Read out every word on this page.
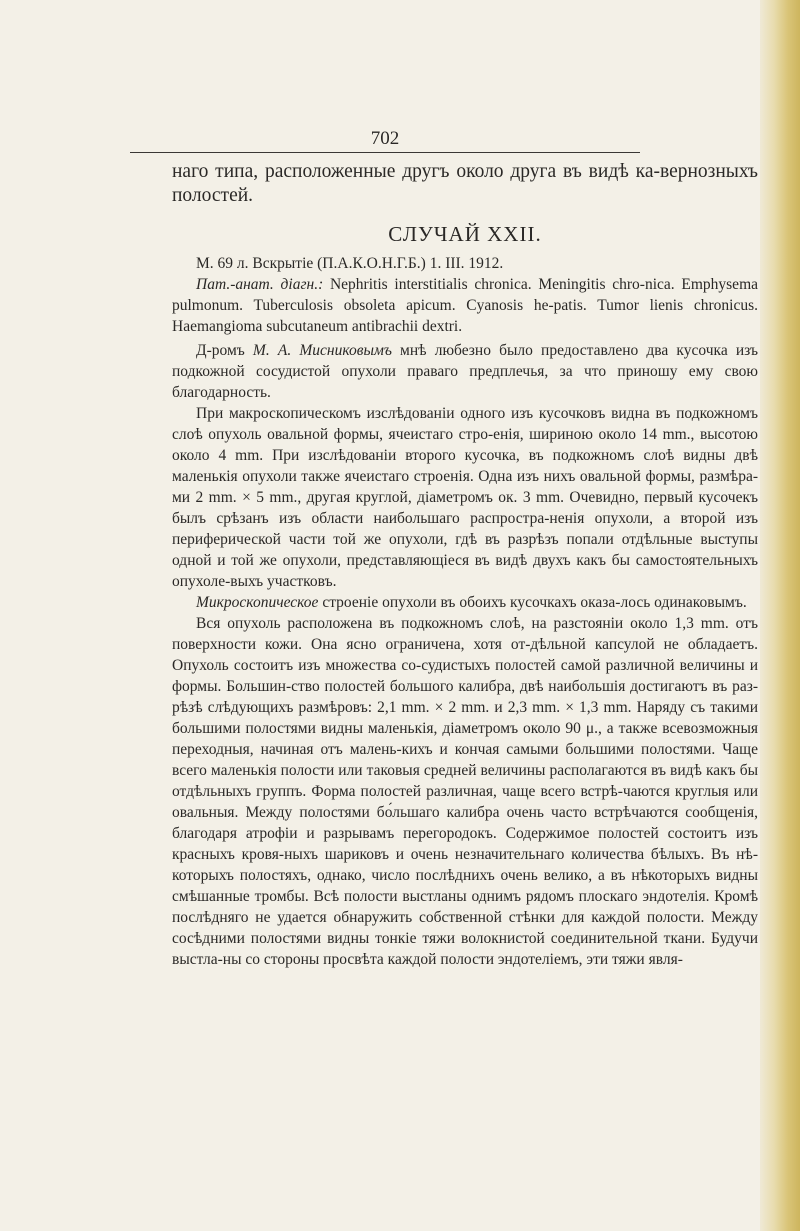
702

наго типа, расположенные другъ около друга въ видѣ ка-вернозныхъ полостей.

СЛУЧАЙ XXII.

М. 69 л. Вскрытіе (П.А.К.О.Н.Г.Б.) 1. III. 1912.

Пат.-анат. діагн.: Nephritis interstitialis chronica. Meningitis chro-nica. Emphysema pulmonum. Tuberculosis obsoleta apicum. Cyanosis he-patis. Tumor lienis chronicus. Haemangioma subcutaneum antibrachii dextri.

Д-ромъ М. А. Мисниковымъ мнѣ любезно было предоставлено два кусочка изъ подкожной сосудистой опухоли праваго предплечья, за что приношу ему свою благодарность.

При макроскопическомъ изслѣдованіи одного изъ кусочковъ видна въ подкожномъ слоѣ опухоль овальной формы, ячеистаго стро-енія, шириною около 14 mm., высотою около 4 mm. При изслѣдованіи второго кусочка, въ подкожномъ слоѣ видны двѣ маленькія опухоли также ячеистаго строенія. Одна изъ нихъ овальной формы, размѣра-ми 2 mm. × 5 mm., другая круглой, діаметромъ ок. 3 mm. Очевидно, первый кусочекъ былъ срѣзанъ изъ области наибольшаго распростра-ненія опухоли, а второй изъ периферической части той же опухоли, гдѣ въ разрѣзъ попали отдѣльные выступы одной и той же опухоли, представляющіеся въ видѣ двухъ какъ бы самостоятельныхъ опухоле-выхъ участковъ.

Микроскопическое строеніе опухоли въ обоихъ кусочкахъ оказа-лось одинаковымъ.

Вся опухоль расположена въ подкожномъ слоѣ, на разстояніи около 1,3 mm. отъ поверхности кожи. Она ясно ограничена, хотя от-дѣльной капсулой не обладаетъ. Опухоль состоитъ изъ множества со-судистыхъ полостей самой различной величины и формы. Большин-ство полостей большого калибра, двѣ наибольшія достигаютъ въ раз-рѣзѣ слѣдующихъ размѣровъ: 2,1 mm. × 2 mm. и 2,3 mm. × 1,3 mm. Наряду съ такими большими полостями видны маленькія, діаметромъ около 90 μ., а также всевозможныя переходныя, начиная отъ малень-кихъ и кончая самыми большими полостями. Чаще всего маленькія полости или таковыя средней величины располагаются въ видѣ какъ бы отдѣльныхъ группъ. Форма полостей различная, чаще всего встрѣ-чаются круглыя или овальныя. Между полостями бо́льшаго калибра очень часто встрѣчаются сообщенія, благодаря атрофіи и разрывамъ перегородокъ. Содержимое полостей состоитъ изъ красныхъ кровя-ныхъ шариковъ и очень незначительнаго количества бѣлыхъ. Въ нѣ-которыхъ полостяхъ, однако, число послѣднихъ очень велико, а въ нѣкоторыхъ видны смѣшанные тромбы. Всѣ полости выстланы однимъ рядомъ плоскаго эндотелія. Кромѣ послѣдняго не удается обнаружить собственной стѣнки для каждой полости. Между сосѣдними полостями видны тонкіе тяжи волокнистой соединительной ткани. Будучи выстла-ны со стороны просвѣта каждой полости эндотеліемъ, эти тяжи явля-
